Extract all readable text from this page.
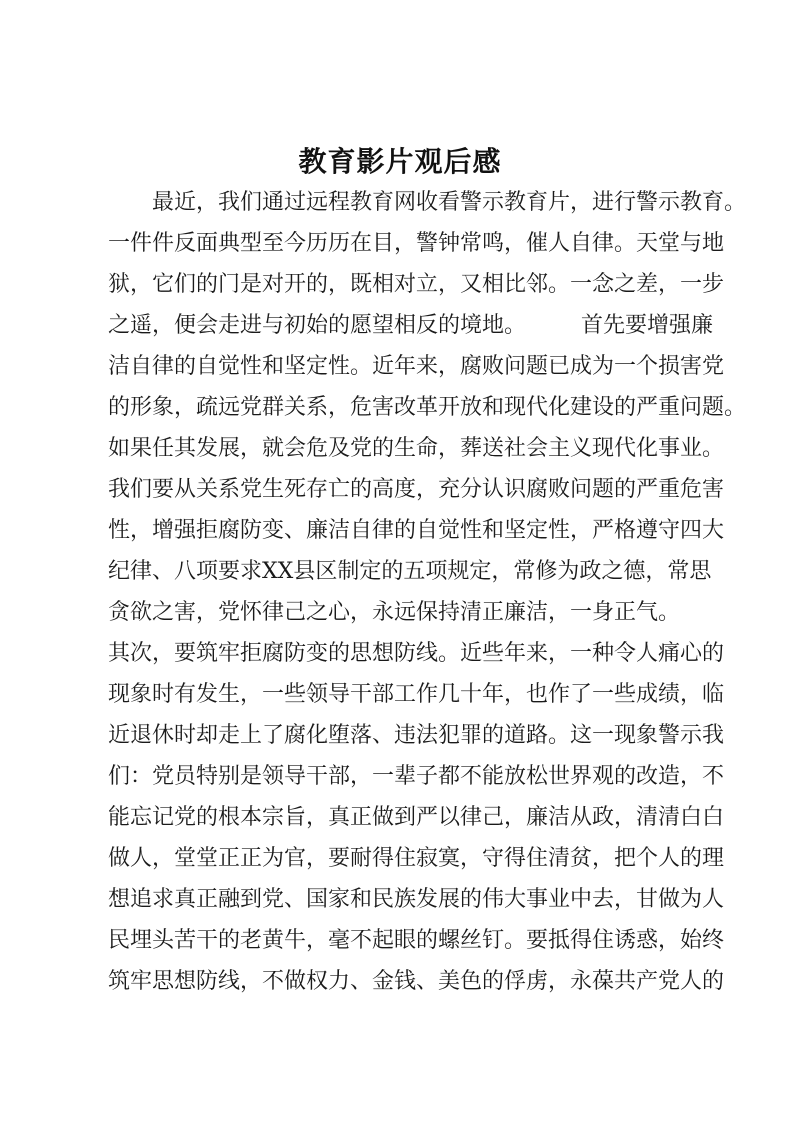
教育影片观后感
最近，我们通过远程教育网收看警示教育片，进行警示教育。
一件件反面典型至今历历在目，警钟常鸣，催人自律。天堂与地
狱，它们的门是对开的，既相对立，又相比邻。一念之差，一步
之遥，便会走进与初始的愿望相反的境地。　　　首先要增强廉
洁自律的自觉性和坚定性。近年来，腐败问题已成为一个损害党
的形象，疏远党群关系，危害改革开放和现代化建设的严重问题。
如果任其发展，就会危及党的生命，葬送社会主义现代化事业。
我们要从关系党生死存亡的高度，充分认识腐败问题的严重危害
性，增强拒腐防变、廉洁自律的自觉性和坚定性，严格遵守四大
纪律、八项要求XX县区制定的五项规定，常修为政之德，常思
贪欲之害，党怀律己之心，永远保持清正廉洁，一身正气。
其次，要筑牢拒腐防变的思想防线。近些年来，一种令人痛心的
现象时有发生，一些领导干部工作几十年，也作了一些成绩，临
近退休时却走上了腐化堕落、违法犯罪的道路。这一现象警示我
们：党员特别是领导干部，一辈子都不能放松世界观的改造，不
能忘记党的根本宗旨，真正做到严以律己，廉洁从政，清清白白
做人，堂堂正正为官，要耐得住寂寞，守得住清贫，把个人的理
想追求真正融到党、国家和民族发展的伟大事业中去，甘做为人
民埋头苦干的老黄牛，毫不起眼的螺丝钉。要抵得住诱惑，始终
筑牢思想防线，不做权力、金钱、美色的俘虏，永葆共产党人的
